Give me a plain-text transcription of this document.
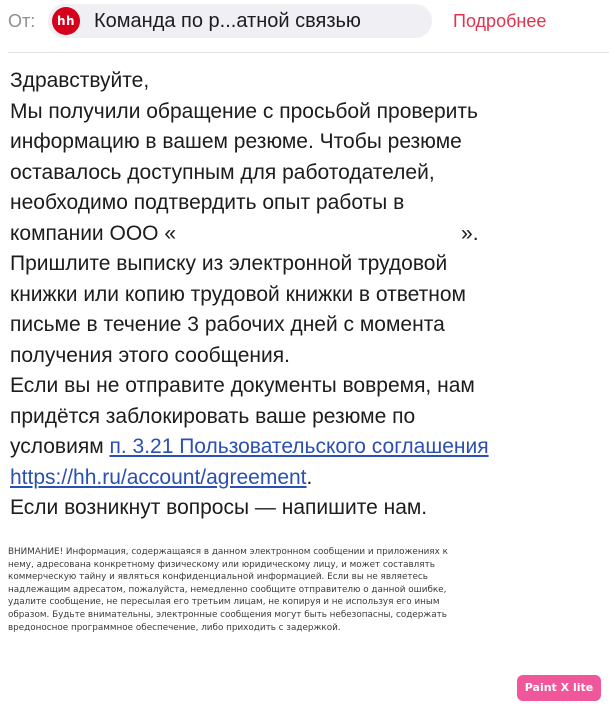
От:	hh Команда по р...атной связью	Подробнее
Здравствуйте,
Мы получили обращение с просьбой проверить
информацию в вашем резюме. Чтобы резюме
оставалось доступным для работодателей,
необходимо подтвердить опыт работы в
компании ООО «	».
Пришлите выписку из электронной трудовой
книжки или копию трудовой книжки в ответном
письме в течение 3 рабочих дней с момента
получения этого сообщения.
Если вы не отправите документы вовремя, нам
придётся заблокировать ваше резюме по
условиям п. 3.21 Пользовательского соглашения
https://hh.ru/account/agreement.
Если возникнут вопросы — напишите нам.
ВНИМАНИЕ! Информация, содержащаяся в данном электронном сообщении и приложениях к
нему, адресована конкретному физическому или юридическому лицу, и может составлять
коммерческую тайну и являться конфиденциальной информацией. Если вы не являетесь
надлежащим адресатом, пожалуйста, немедленно сообщите отправителю о данной ошибке,
удалите сообщение, не пересылая его третьим лицам, не копируя и не используя его иным
образом. Будьте внимательны, электронные сообщения могут быть небезопасны, содержать
вредоносное программное обеспечение, либо приходить с задержкой.
Paint X lite
